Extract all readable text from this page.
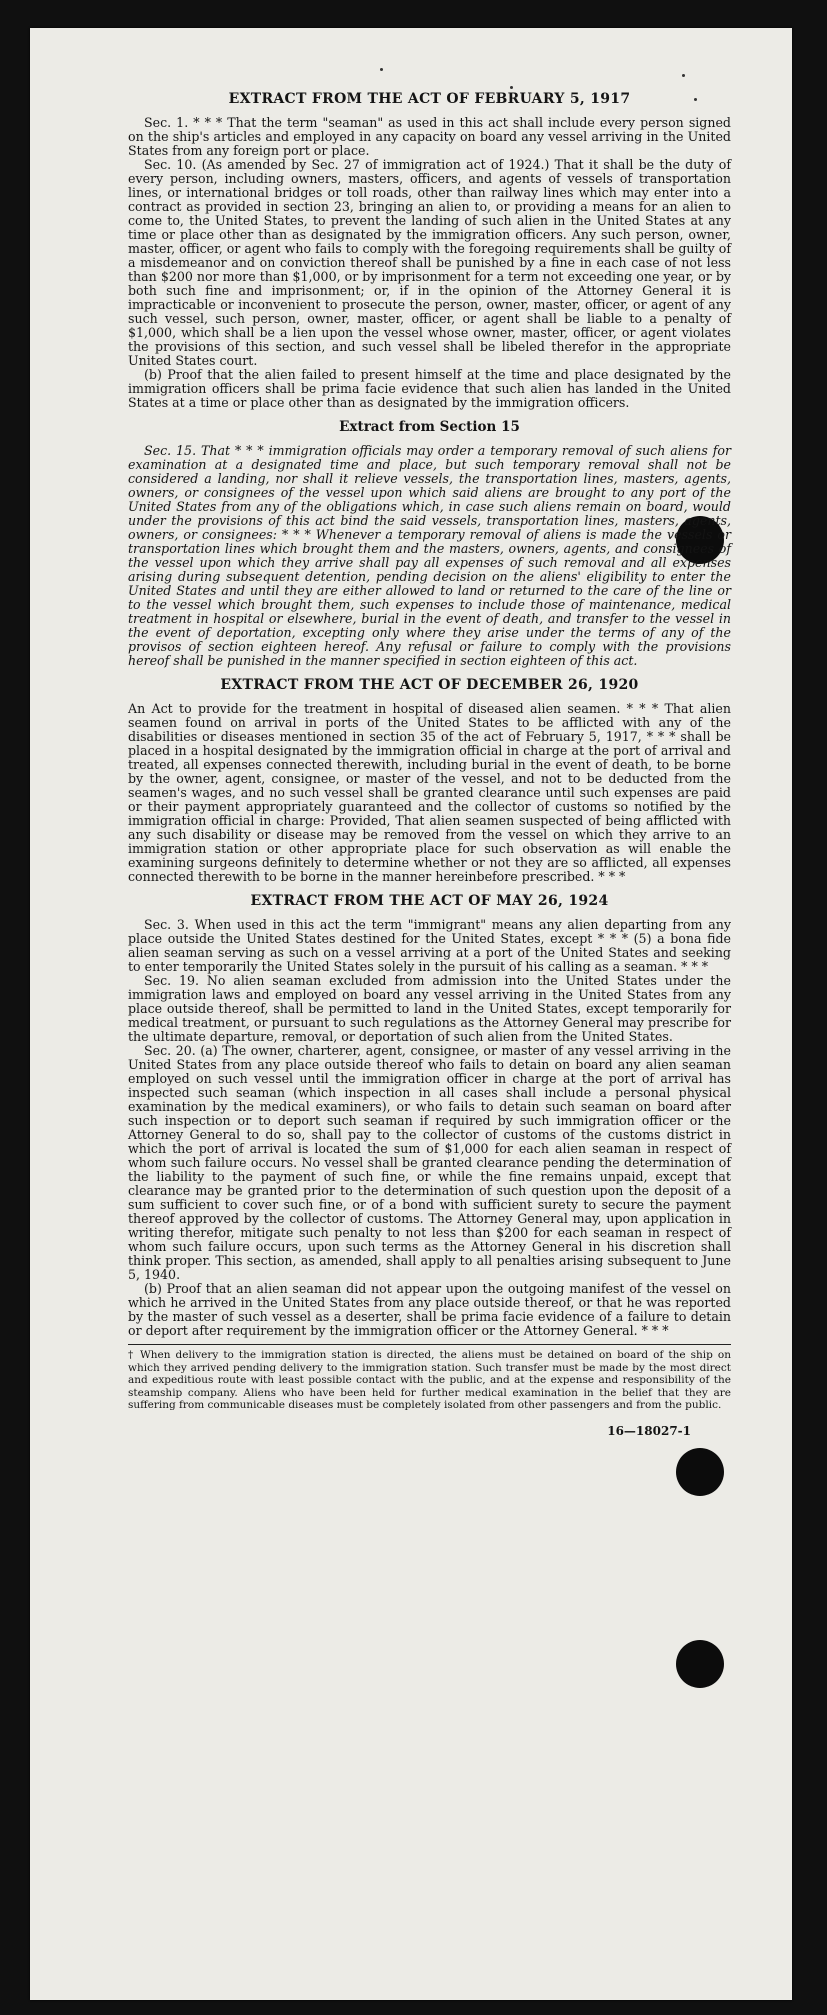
EXTRACT FROM THE ACT OF FEBRUARY 5, 1917

Sec. 1. * * * That the term "seaman" as used in this act shall include every person signed on the ship's articles and employed in any capacity on board any vessel arriving in the United States from any foreign port or place.

Sec. 10. (As amended by Sec. 27 of immigration act of 1924.) That it shall be the duty of every person, including owners, masters, officers, and agents of vessels of transportation lines, or international bridges or toll roads, other than railway lines which may enter into a contract as provided in section 23, bringing an alien to, or providing a means for an alien to come to, the United States, to prevent the landing of such alien in the United States at any time or place other than as designated by the immigration officers. Any such person, owner, master, officer, or agent who fails to comply with the foregoing requirements shall be guilty of a misdemeanor and on conviction thereof shall be punished by a fine in each case of not less than $200 nor more than $1,000, or by imprisonment for a term not exceeding one year, or by both such fine and imprisonment; or, if in the opinion of the Attorney General it is impracticable or inconvenient to prosecute the person, owner, master, officer, or agent of any such vessel, such person, owner, master, officer, or agent shall be liable to a penalty of $1,000, which shall be a lien upon the vessel whose owner, master, officer, or agent violates the provisions of this section, and such vessel shall be libeled therefor in the appropriate United States court.

(b) Proof that the alien failed to present himself at the time and place designated by the immigration officers shall be prima facie evidence that such alien has landed in the United States at a time or place other than as designated by the immigration officers.

Extract from Section 15

Sec. 15. That * * * immigration officials may order a temporary removal of such aliens for examination at a designated time and place, but such temporary removal shall not be considered a landing, nor shall it relieve vessels, the transportation lines, masters, agents, owners, or consignees of the vessel upon which said aliens are brought to any port of the United States from any of the obligations which, in case such aliens remain on board, would under the provisions of this act bind the said vessels, transportation lines, masters, agents, owners, or consignees: * * * Whenever a temporary removal of aliens is made the vessels or transportation lines which brought them and the masters, owners, agents, and consignees of the vessel upon which they arrive shall pay all expenses of such removal and all expenses arising during subsequent detention, pending decision on the aliens' eligibility to enter the United States and until they are either allowed to land or returned to the care of the line or to the vessel which brought them, such expenses to include those of maintenance, medical treatment in hospital or elsewhere, burial in the event of death, and transfer to the vessel in the event of deportation, excepting only where they arise under the terms of any of the provisos of section eighteen hereof. Any refusal or failure to comply with the provisions hereof shall be punished in the manner specified in section eighteen of this act.

EXTRACT FROM THE ACT OF DECEMBER 26, 1920

An Act to provide for the treatment in hospital of diseased alien seamen. * * * That alien seamen found on arrival in ports of the United States to be afflicted with any of the disabilities or diseases mentioned in section 35 of the act of February 5, 1917, * * * shall be placed in a hospital designated by the immigration official in charge at the port of arrival and treated, all expenses connected therewith, including burial in the event of death, to be borne by the owner, agent, consignee, or master of the vessel, and not to be deducted from the seamen's wages, and no such vessel shall be granted clearance until such expenses are paid or their payment appropriately guaranteed and the collector of customs so notified by the immigration official in charge: Provided, That alien seamen suspected of being afflicted with any such disability or disease may be removed from the vessel on which they arrive to an immigration station or other appropriate place for such observation as will enable the examining surgeons definitely to determine whether or not they are so afflicted, all expenses connected therewith to be borne in the manner hereinbefore prescribed. * * *

EXTRACT FROM THE ACT OF MAY 26, 1924

Sec. 3. When used in this act the term "immigrant" means any alien departing from any place outside the United States destined for the United States, except * * * (5) a bona fide alien seaman serving as such on a vessel arriving at a port of the United States and seeking to enter temporarily the United States solely in the pursuit of his calling as a seaman. * * *

Sec. 19. No alien seaman excluded from admission into the United States under the immigration laws and employed on board any vessel arriving in the United States from any place outside thereof, shall be permitted to land in the United States, except temporarily for medical treatment, or pursuant to such regulations as the Attorney General may prescribe for the ultimate departure, removal, or deportation of such alien from the United States.

Sec. 20. (a) The owner, charterer, agent, consignee, or master of any vessel arriving in the United States from any place outside thereof who fails to detain on board any alien seaman employed on such vessel until the immigration officer in charge at the port of arrival has inspected such seaman (which inspection in all cases shall include a personal physical examination by the medical examiners), or who fails to detain such seaman on board after such inspection or to deport such seaman if required by such immigration officer or the Attorney General to do so, shall pay to the collector of customs of the customs district in which the port of arrival is located the sum of $1,000 for each alien seaman in respect of whom such failure occurs. No vessel shall be granted clearance pending the determination of the liability to the payment of such fine, or while the fine remains unpaid, except that clearance may be granted prior to the determination of such question upon the deposit of a sum sufficient to cover such fine, or of a bond with sufficient surety to secure the payment thereof approved by the collector of customs. The Attorney General may, upon application in writing therefor, mitigate such penalty to not less than $200 for each seaman in respect of whom such failure occurs, upon such terms as the Attorney General in his discretion shall think proper. This section, as amended, shall apply to all penalties arising subsequent to June 5, 1940.

(b) Proof that an alien seaman did not appear upon the outgoing manifest of the vessel on which he arrived in the United States from any place outside thereof, or that he was reported by the master of such vessel as a deserter, shall be prima facie evidence of a failure to detain or deport after requirement by the immigration officer or the Attorney General. * * *

† When delivery to the immigration station is directed, the aliens must be detained on board of the ship on which they arrived pending delivery to the immigration station. Such transfer must be made by the most direct and expeditious route with least possible contact with the public, and at the expense and responsibility of the steamship company. Aliens who have been held for further medical examination in the belief that they are suffering from communicable diseases must be completely isolated from other passengers and from the public.
16—18027-1
